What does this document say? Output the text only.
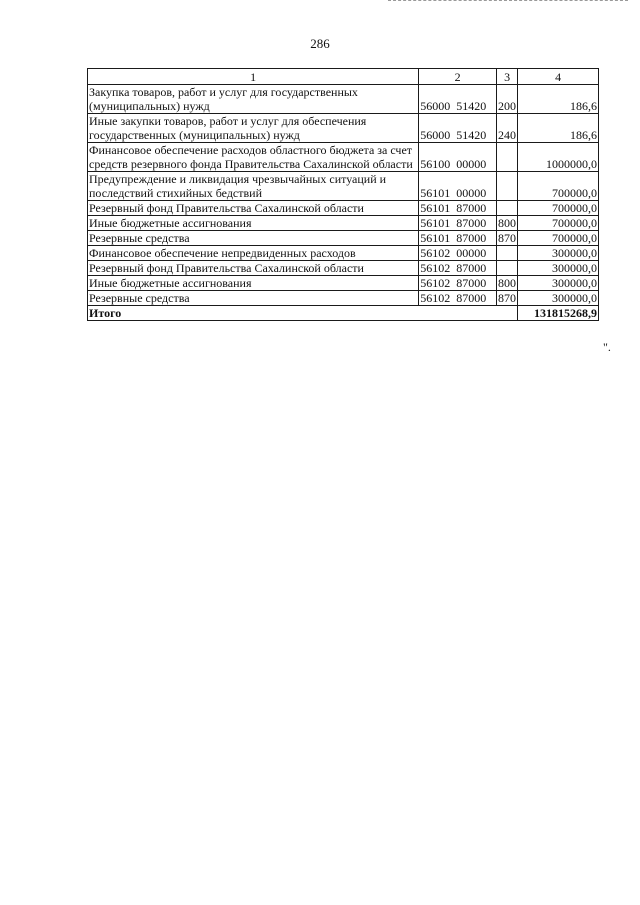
286
1	2	3	4
Закупка товаров, работ и услуг для государственных (муниципальных) нужд	56000  51420	200	186,6
Иные закупки товаров, работ и услуг для обеспечения государственных (муниципальных) нужд	56000  51420	240	186,6
Финансовое обеспечение расходов областного бюджета за счет средств резервного фонда Правительства Сахалинской области	56100  00000		1000000,0
Предупреждение и ликвидация чрезвычайных ситуаций и последствий стихийных бедствий	56101  00000		700000,0
Резервный фонд Правительства Сахалинской области	56101  87000		700000,0
Иные бюджетные ассигнования	56101  87000	800	700000,0
Резервные средства	56101  87000	870	700000,0
Финансовое обеспечение непредвиденных расходов	56102  00000		300000,0
Резервный фонд Правительства Сахалинской области	56102  87000		300000,0
Иные бюджетные ассигнования	56102  87000	800	300000,0
Резервные средства	56102  87000	870	300000,0
Итого			131815268,9
".
